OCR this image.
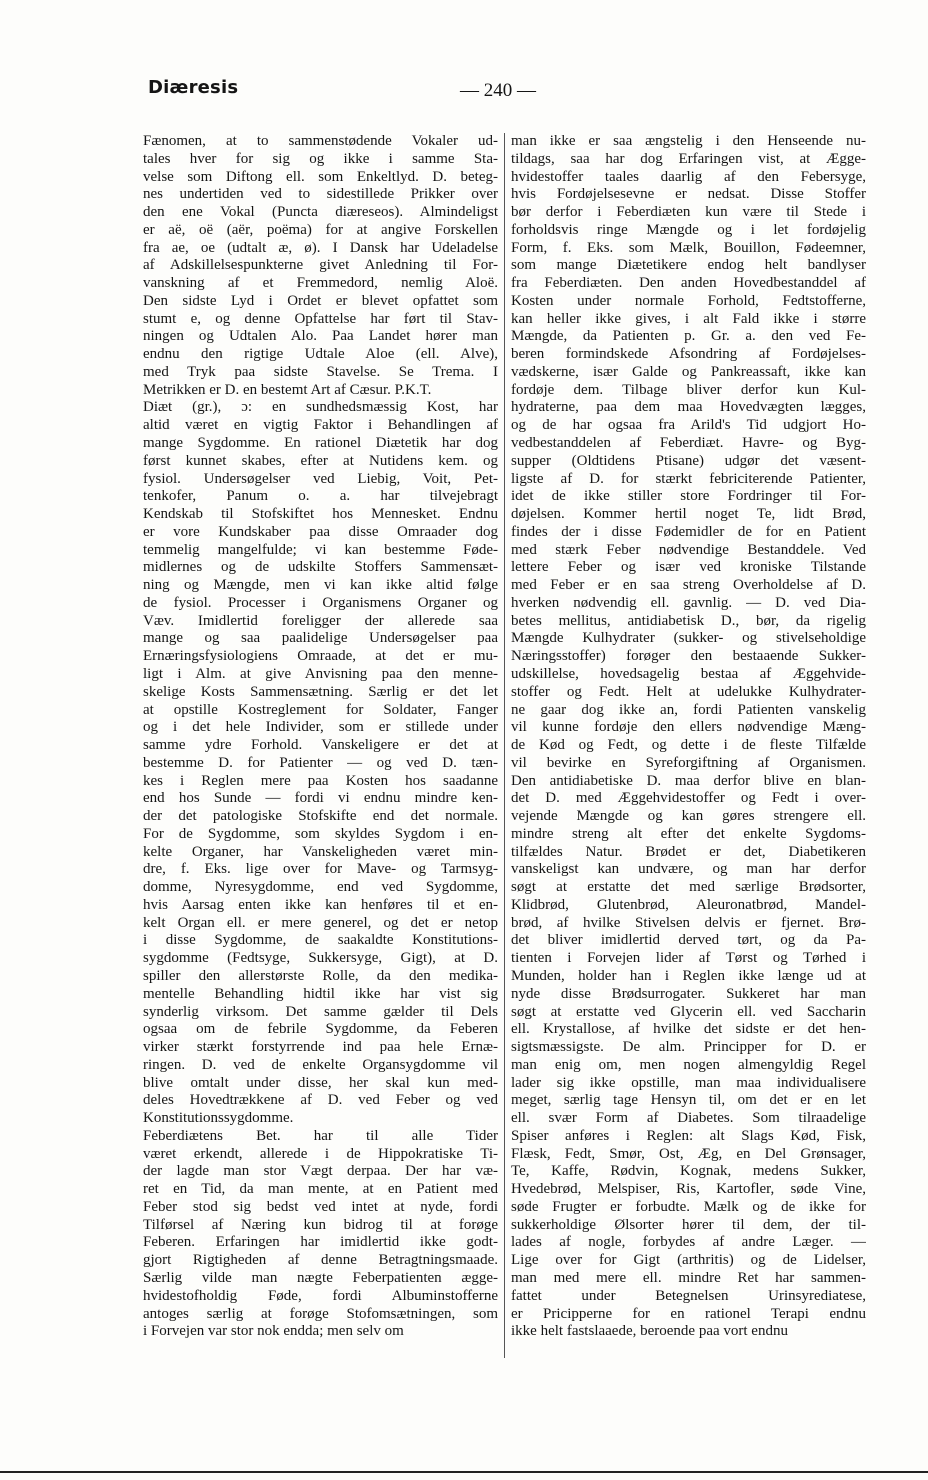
Diæresis	— 240 —
Fænomen, at to sammenstødende Vokaler ud-
tales hver for sig og ikke i samme Sta-
velse som Diftong ell. som Enkeltlyd. D. beteg-
nes undertiden ved to sidestillede Prikker over
den ene Vokal (Puncta diæreseos). Almindeligst
er aë, oë (aër, poëma) for at angive Forskellen
fra ae, oe (udtalt æ, ø). I Dansk har Udeladelse
af Adskillelsespunkterne givet Anledning til For-
vanskning af et Fremmedord, nemlig Aloë.
Den sidste Lyd i Ordet er blevet opfattet som
stumt e, og denne Opfattelse har ført til Stav-
ningen og Udtalen Alo. Paa Landet hører man
endnu den rigtige Udtale Aloe (ell. Alve),
med Tryk paa sidste Stavelse. Se Trema. I
Metrikken er D. en bestemt Art af Cæsur. P.K.T.
Diæt (gr.), ɔ: en sundhedsmæssig Kost, har
altid været en vigtig Faktor i Behandlingen af
mange Sygdomme. En rationel Diætetik har dog
først kunnet skabes, efter at Nutidens kem. og
fysiol. Undersøgelser ved Liebig, Voit, Pet-
tenkofer, Panum o. a. har tilvejebragt
Kendskab til Stofskiftet hos Mennesket. Endnu
er vore Kundskaber paa disse Omraader dog
temmelig mangelfulde; vi kan bestemme Føde-
midlernes og de udskilte Stoffers Sammensæt-
ning og Mængde, men vi kan ikke altid følge
de fysiol. Processer i Organismens Organer og
Væv. Imidlertid foreligger der allerede saa
mange og saa paalidelige Undersøgelser paa
Ernæringsfysiologiens Omraade, at det er mu-
ligt i Alm. at give Anvisning paa den menne-
skelige Kosts Sammensætning. Særlig er det let
at opstille Kostreglement for Soldater, Fanger
og i det hele Individer, som er stillede under
samme ydre Forhold. Vanskeligere er det at
bestemme D. for Patienter — og ved D. tæn-
kes i Reglen mere paa Kosten hos saadanne
end hos Sunde — fordi vi endnu mindre ken-
der det patologiske Stofskifte end det normale.
For de Sygdomme, som skyldes Sygdom i en-
kelte Organer, har Vanskeligheden været min-
dre, f. Eks. lige over for Mave- og Tarmsyg-
domme, Nyresygdomme, end ved Sygdomme,
hvis Aarsag enten ikke kan henføres til et en-
kelt Organ ell. er mere generel, og det er netop
i disse Sygdomme, de saakaldte Konstitutions-
sygdomme (Fedtsyge, Sukkersyge, Gigt), at D.
spiller den allerstørste Rolle, da den medika-
mentelle Behandling hidtil ikke har vist sig
synderlig virksom. Det samme gælder til Dels
ogsaa om de febrile Sygdomme, da Feberen
virker stærkt forstyrrende ind paa hele Ernæ-
ringen. D. ved de enkelte Organsygdomme vil
blive omtalt under disse, her skal kun med-
deles Hovedtrækkene af D. ved Feber og ved
Konstitutionssygdomme.
Feberdiætens Bet. har til alle Tider
været erkendt, allerede i de Hippokratiske Ti-
der lagde man stor Vægt derpaa. Der har væ-
ret en Tid, da man mente, at en Patient med
Feber stod sig bedst ved intet at nyde, fordi
Tilførsel af Næring kun bidrog til at forøge
Feberen. Erfaringen har imidlertid ikke godt-
gjort Rigtigheden af denne Betragtningsmaade.
Særlig vilde man nægte Feberpatienten ægge-
hvidestofholdig Føde, fordi Albuminstofferne
antoges særlig at forøge Stofomsætningen, som
i Forvejen var stor nok endda; men selv om
man ikke er saa ængstelig i den Henseende nu-
tildags, saa har dog Erfaringen vist, at Ægge-
hvidestoffer taales daarlig af den Febersyge,
hvis Fordøjelsesevne er nedsat. Disse Stoffer
bør derfor i Feberdiæten kun være til Stede i
forholdsvis ringe Mængde og i let fordøjelig
Form, f. Eks. som Mælk, Bouillon, Fødeemner,
som mange Diætetikere endog helt bandlyser
fra Feberdiæten. Den anden Hovedbestanddel af
Kosten under normale Forhold, Fedtstofferne,
kan heller ikke gives, i alt Fald ikke i større
Mængde, da Patienten p. Gr. a. den ved Fe-
beren formindskede Afsondring af Fordøjelses-
vædskerne, især Galde og Pankreassaft, ikke kan
fordøje dem. Tilbage bliver derfor kun Kul-
hydraterne, paa dem maa Hovedvægten lægges,
og de har ogsaa fra Arild's Tid udgjort Ho-
vedbestanddelen af Feberdiæt. Havre- og Byg-
supper (Oldtidens Ptisane) udgør det væsent-
ligste af D. for stærkt febriciterende Patienter,
idet de ikke stiller store Fordringer til For-
døjelsen. Kommer hertil noget Te, lidt Brød,
findes der i disse Fødemidler de for en Patient
med stærk Feber nødvendige Bestanddele. Ved
lettere Feber og især ved kroniske Tilstande
med Feber er en saa streng Overholdelse af D.
hverken nødvendig ell. gavnlig. — D. ved Dia-
betes mellitus, antidiabetisk D., bør, da rigelig
Mængde Kulhydrater (sukker- og stivelseholdige
Næringsstoffer) forøger den bestaaende Sukker-
udskillelse, hovedsagelig bestaa af Æggehvide-
stoffer og Fedt. Helt at udelukke Kulhydrater-
ne gaar dog ikke an, fordi Patienten vanskelig
vil kunne fordøje den ellers nødvendige Mæng-
de Kød og Fedt, og dette i de fleste Tilfælde
vil bevirke en Syreforgiftning af Organismen.
Den antidiabetiske D. maa derfor blive en blan-
det D. med Æggehvidestoffer og Fedt i over-
vejende Mængde og kan gøres strengere ell.
mindre streng alt efter det enkelte Sygdoms-
tilfældes Natur. Brødet er det, Diabetikeren
vanskeligst kan undvære, og man har derfor
søgt at erstatte det med særlige Brødsorter,
Klidbrød, Glutenbrød, Aleuronatbrød, Mandel-
brød, af hvilke Stivelsen delvis er fjernet. Brø-
det bliver imidlertid derved tørt, og da Pa-
tienten i Forvejen lider af Tørst og Tørhed i
Munden, holder han i Reglen ikke længe ud at
nyde disse Brødsurrogater. Sukkeret har man
søgt at erstatte ved Glycerin ell. ved Saccharin
ell. Krystallose, af hvilke det sidste er det hen-
sigtsmæssigste. De alm. Principper for D. er
man enig om, men nogen almengyldig Regel
lader sig ikke opstille, man maa individualisere
meget, særlig tage Hensyn til, om det er en let
ell. svær Form af Diabetes. Som tilraadelige
Spiser anføres i Reglen: alt Slags Kød, Fisk,
Flæsk, Fedt, Smør, Ost, Æg, en Del Grønsager,
Te, Kaffe, Rødvin, Kognak, medens Sukker,
Hvedebrød, Melspiser, Ris, Kartofler, søde Vine,
søde Frugter er forbudte. Mælk og de ikke for
sukkerholdige Ølsorter hører til dem, der til-
lades af nogle, forbydes af andre Læger. —
Lige over for Gigt (arthritis) og de Lidelser,
man med mere ell. mindre Ret har sammen-
fattet under Betegnelsen Urinsyrediatese,
er Pricipperne for en rationel Terapi endnu
ikke helt fastslaaede, beroende paa vort endnu
